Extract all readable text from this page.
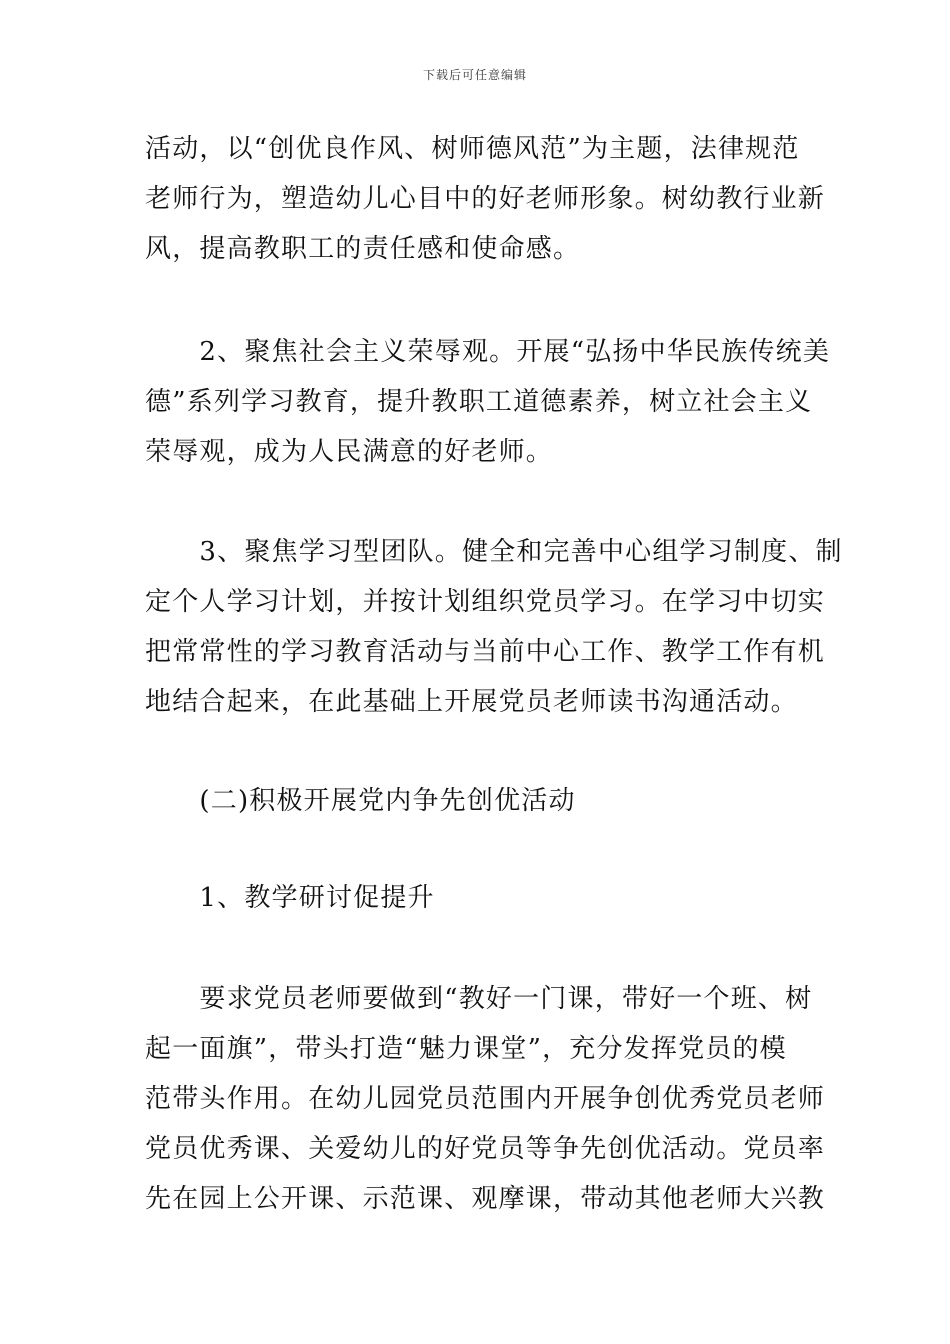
下载后可任意编辑
活动，以“创优良作风、树师德风范”为主题，法律规范
老师行为，塑造幼儿心目中的好老师形象。树幼教行业新
风，提高教职工的责任感和使命感。
　　2、聚焦社会主义荣辱观。开展“弘扬中华民族传统美
德”系列学习教育，提升教职工道德素养，树立社会主义
荣辱观，成为人民满意的好老师。
　　3、聚焦学习型团队。健全和完善中心组学习制度、制
定个人学习计划，并按计划组织党员学习。在学习中切实
把常常性的学习教育活动与当前中心工作、教学工作有机
地结合起来，在此基础上开展党员老师读书沟通活动。
　　(二)积极开展党内争先创优活动
　　1、教学研讨促提升
　　要求党员老师要做到“教好一门课，带好一个班、树
起一面旗”，带头打造“魅力课堂”，充分发挥党员的模
范带头作用。在幼儿园党员范围内开展争创优秀党员老师
党员优秀课、关爱幼儿的好党员等争先创优活动。党员率
先在园上公开课、示范课、观摩课，带动其他老师大兴教
